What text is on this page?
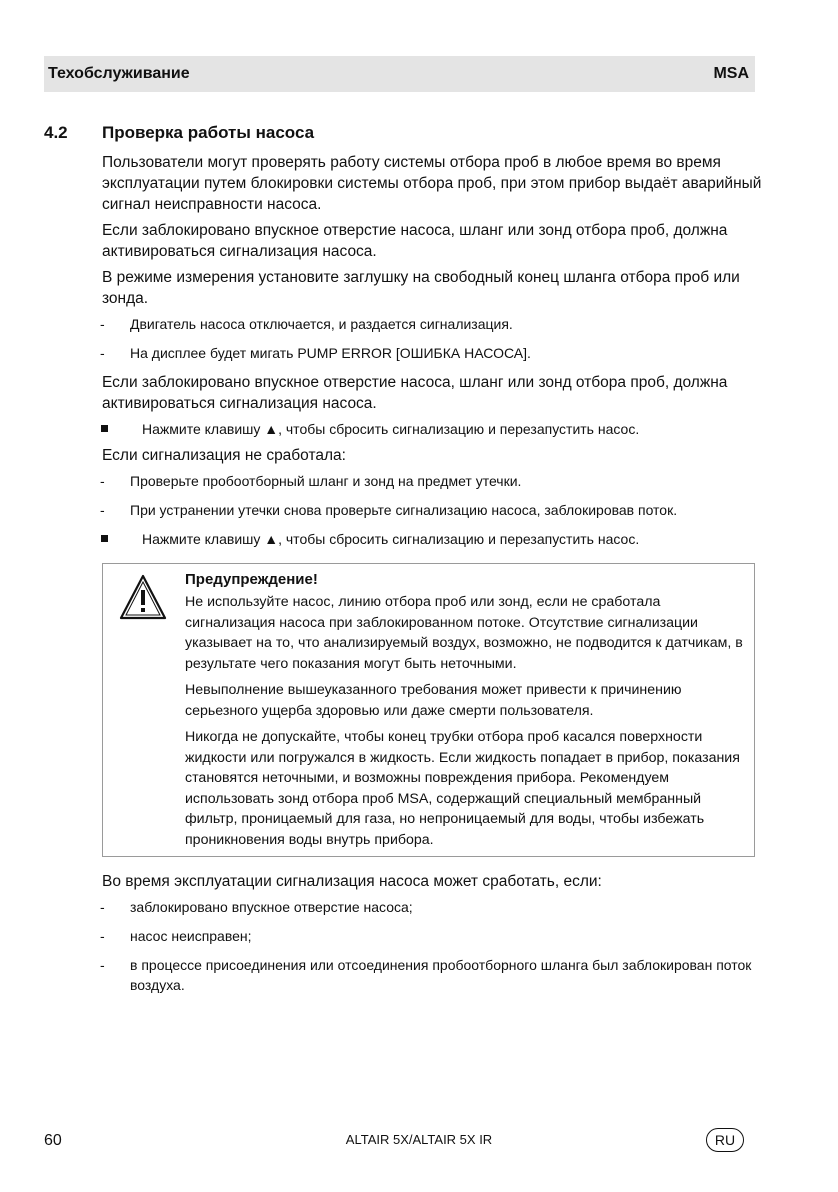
Техобслуживание	MSA
4.2 Проверка работы насоса

Пользователи могут проверять работу системы отбора проб в любое время во время эксплуатации путем блокировки системы отбора проб, при этом прибор выдаёт аварийный сигнал неисправности насоса.

Если заблокировано впускное отверстие насоса, шланг или зонд отбора проб, должна активироваться сигнализация насоса.

В режиме измерения установите заглушку на свободный конец шланга отбора проб или зонда.

- Двигатель насоса отключается, и раздается сигнализация.
- На дисплее будет мигать PUMP ERROR [ОШИБКА НАСОСА].

Если заблокировано впускное отверстие насоса, шланг или зонд отбора проб, должна активироваться сигнализация насоса.

Нажмите клавишу ▲, чтобы сбросить сигнализацию и перезапустить насос.

Если сигнализация не сработала:

- Проверьте пробоотборный шланг и зонд на предмет утечки.
- При устранении утечки снова проверьте сигнализацию насоса, заблокировав поток.
Нажмите клавишу ▲, чтобы сбросить сигнализацию и перезапустить насос.
Предупреждение!

Не используйте насос, линию отбора проб или зонд, если не сработала сигнализация насоса при заблокированном потоке. Отсутствие сигнализации указывает на то, что анализируемый воздух, возможно, не подводится к датчикам, в результате чего показания могут быть неточными.

Невыполнение вышеуказанного требования может привести к причинению серьезного ущерба здоровью или даже смерти пользователя.

Никогда не допускайте, чтобы конец трубки отбора проб касался поверхности жидкости или погружался в жидкость. Если жидкость попадает в прибор, показания становятся неточными, и возможны повреждения прибора. Рекомендуем использовать зонд отбора проб MSA, содержащий специальный мембранный фильтр, проницаемый для газа, но непроницаемый для воды, чтобы избежать проникновения воды внутрь прибора.

Во время эксплуатации сигнализация насоса может сработать, если:

- заблокировано впускное отверстие насоса;
- насос неисправен;
- в процессе присоединения или отсоединения пробоотборного шланга был заблокирован поток воздуха.
60	ALTAIR 5X/ALTAIR 5X IR	RU
